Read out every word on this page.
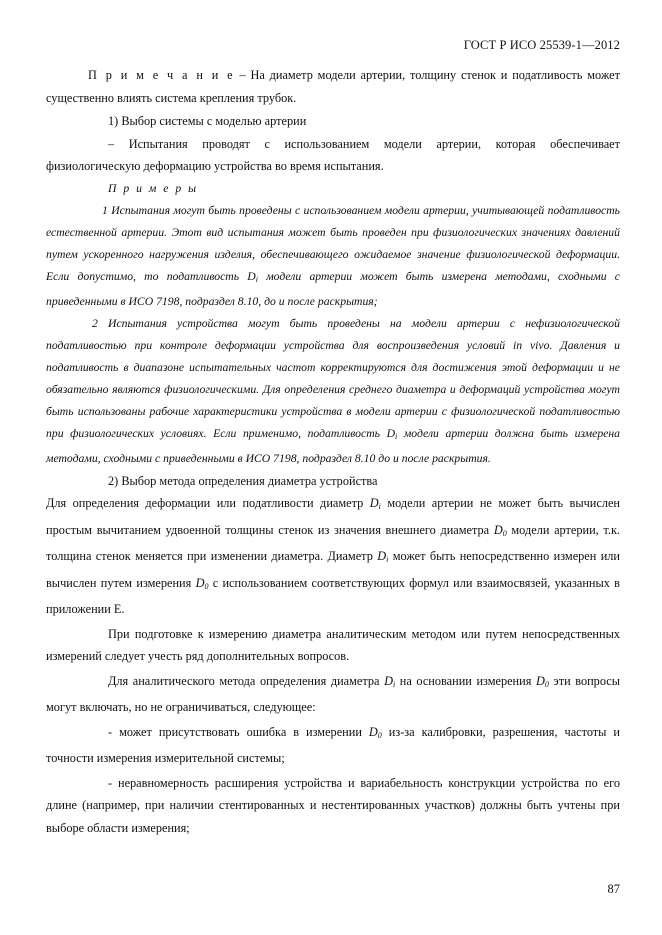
ГОСТ Р ИСО 25539-1—2012

П р и м е ч а н и е – На диаметр модели артерии, толщину стенок и податливость может существенно влиять система крепления трубок.

1) Выбор системы с моделью артерии

– Испытания проводят с использованием модели артерии, которая обеспечивает физиологическую деформацию устройства во время испытания.

П р и м е р ы

1 Испытания могут быть проведены с использованием модели артерии, учитывающей податливость естественной артерии. Этот вид испытания может быть проведен при физиологических значениях давлений путем ускоренного нагружения изделия, обеспечивающего ожидаемое значение физиологической деформации. Если допустимо, то податливость $D_i$ модели артерии может быть измерена методами, сходными с приведенными в ИСО 7198, подраздел 8.10, до и после раскрытия;

2 Испытания устройства могут быть проведены на модели артерии с нефизиологической податливостью при контроле деформации устройства для воспроизведения условий in vivo. Давления и податливость в диапазоне испытательных частот корректируются для достижения этой деформации и не обязательно являются физиологическими. Для определения среднего диаметра и деформаций устройства могут быть использованы рабочие характеристики устройства в модели артерии с физиологической податливостью при физиологических условиях. Если применимо, податливость $D_i$ модели артерии должна быть измерена методами, сходными с приведенными в ИСО 7198, подраздел 8.10 до и после раскрытия.

2) Выбор метода определения диаметра устройства

Для определения деформации или податливости диаметр $D_i$ модели артерии не может быть вычислен простым вычитанием удвоенной толщины стенок из значения внешнего диаметра $D_0$ модели артерии, т.к. толщина стенок меняется при изменении диаметра. Диаметр $D_i$ может быть непосредственно измерен или вычислен путем измерения $D_0$ с использованием соответствующих формул или взаимосвязей, указанных в приложении Е.

При подготовке к измерению диаметра аналитическим методом или путем непосредственных измерений следует учесть ряд дополнительных вопросов.

Для аналитического метода определения диаметра $D_i$ на основании измерения $D_0$ эти вопросы могут включать, но не ограничиваться, следующее:

- может присутствовать ошибка в измерении $D_0$ из-за калибровки, разрешения, частоты и точности измерения измерительной системы;

- неравномерность расширения устройства и вариабельность конструкции устройства по его длине (например, при наличии стентированных и нестентированных участков) должны быть учтены при выборе области измерения;

87
